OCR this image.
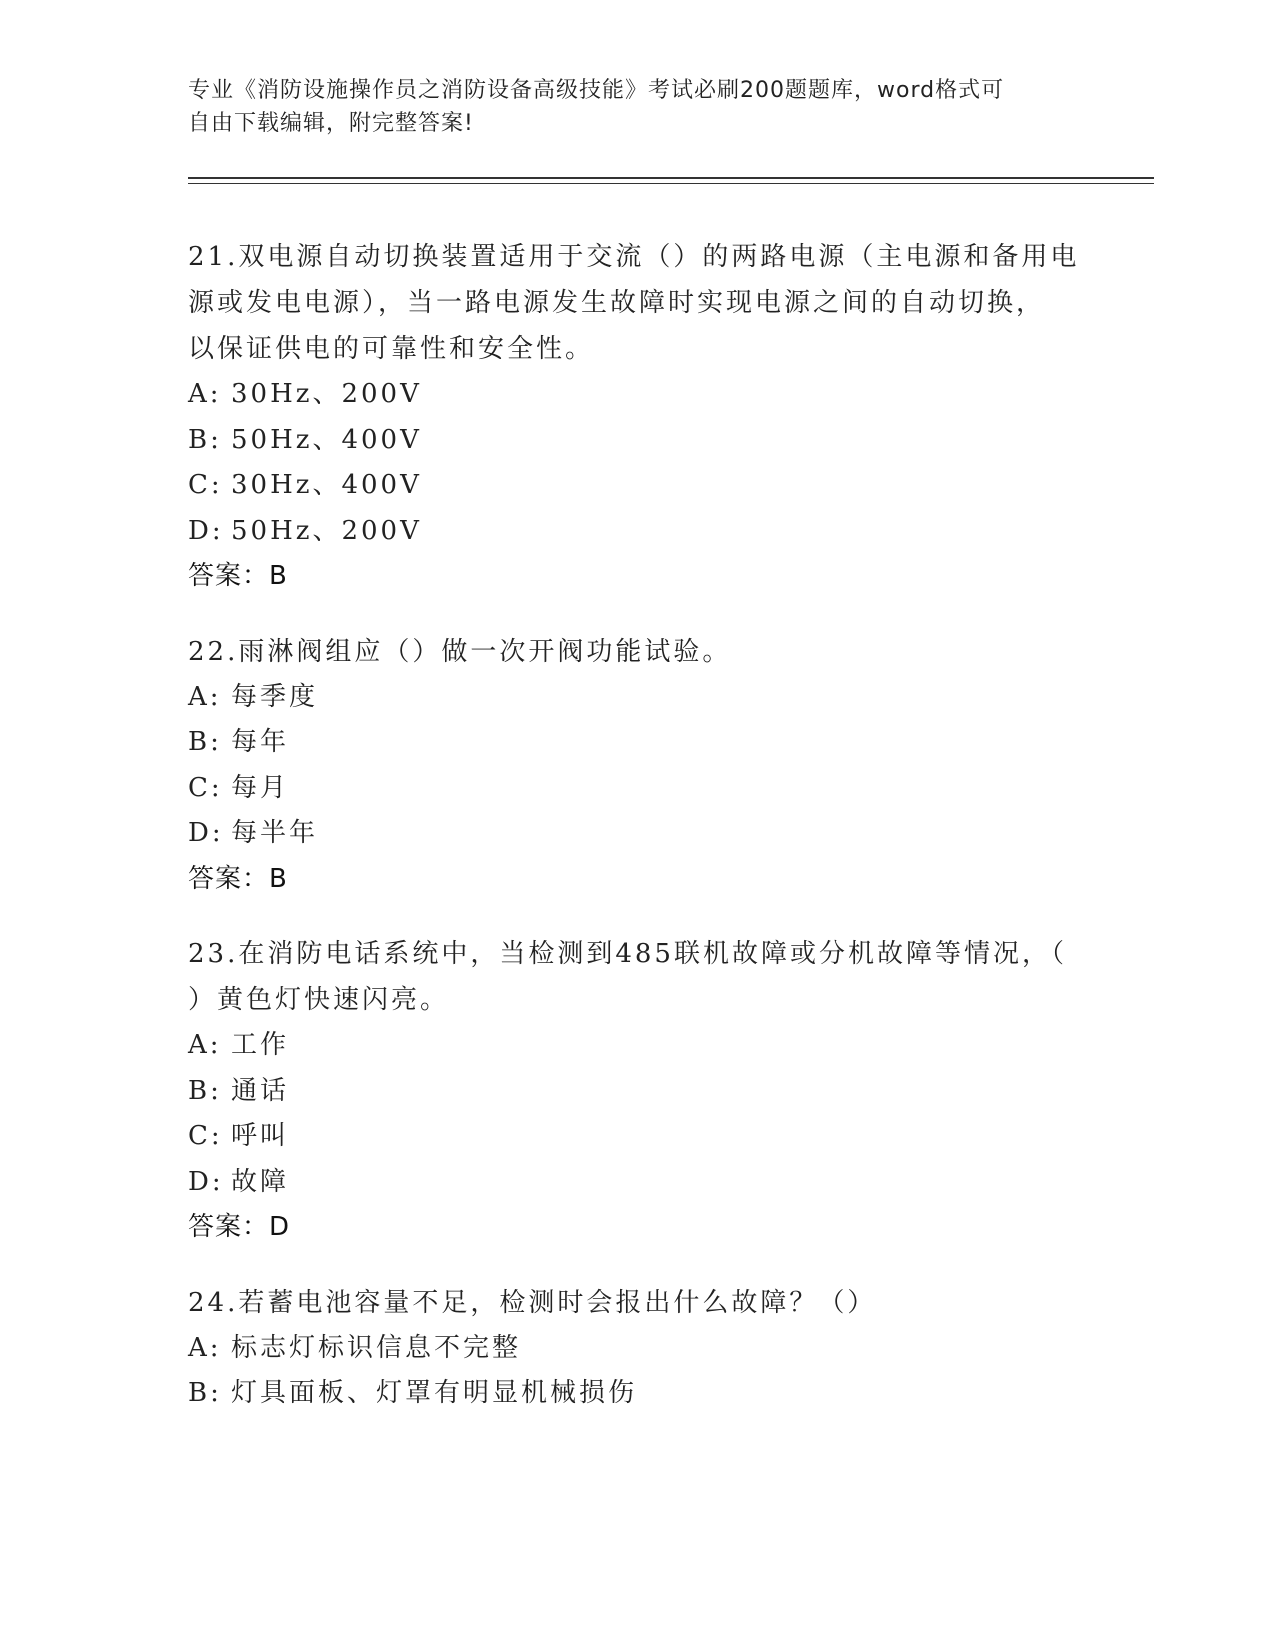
专业《消防设施操作员之消防设备高级技能》考试必刷200题题库，word格式可
自由下载编辑，附完整答案!
21.双电源自动切换装置适用于交流（）的两路电源（主电源和备用电
源或发电电源），当一路电源发生故障时实现电源之间的自动切换，
以保证供电的可靠性和安全性。
A: 30Hz、200V
B: 50Hz、400V
C: 30Hz、400V
D: 50Hz、200V
答案：B
22.雨淋阀组应（）做一次开阀功能试验。
A: 每季度
B: 每年
C: 每月
D: 每半年
答案：B
23.在消防电话系统中，当检测到485联机故障或分机故障等情况，（
）黄色灯快速闪亮。
A: 工作
B: 通话
C: 呼叫
D: 故障
答案：D
24.若蓄电池容量不足，检测时会报出什么故障？（）
A: 标志灯标识信息不完整
B: 灯具面板、灯罩有明显机械损伤
